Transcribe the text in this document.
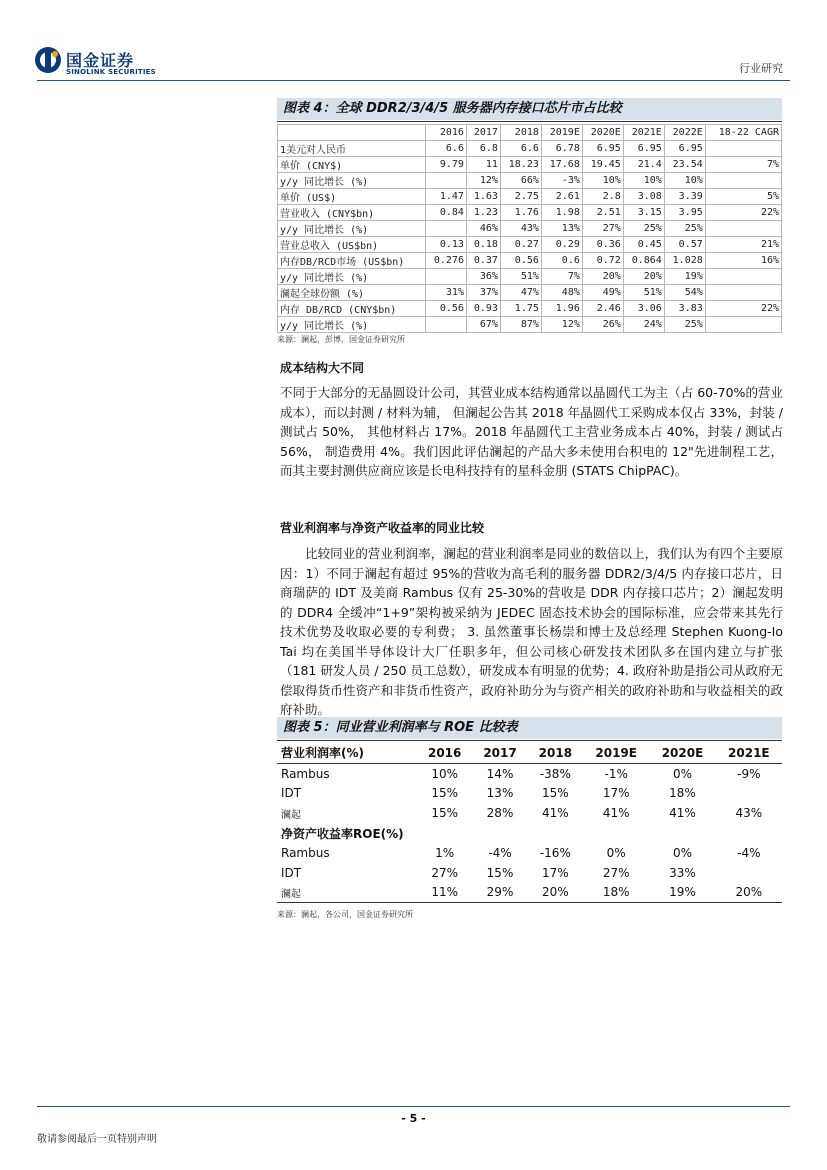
国金证券
SINOLINK SECURITIES	行业研究
图表 4：全球 DDR2/3/4/5 服务器内存接口芯片市占比较
	2016	2017	2018	2019E	2020E	2021E	2022E	18-22 CAGR
1美元对人民币	6.6	6.8	6.6	6.78	6.95	6.95	6.95	
单价 (CNY$)	9.79	11	18.23	17.68	19.45	21.4	23.54	7%
y/y 同比增长 (%)		12%	66%	-3%	10%	10%	10%	
单价 (US$)	1.47	1.63	2.75	2.61	2.8	3.08	3.39	5%
营业收入 (CNY$bn)	0.84	1.23	1.76	1.98	2.51	3.15	3.95	22%
y/y 同比增长 (%)		46%	43%	13%	27%	25%	25%	
营业总收入 (US$bn)	0.13	0.18	0.27	0.29	0.36	0.45	0.57	21%
内存DB/RCD市场 (US$bn)	0.276	0.37	0.56	0.6	0.72	0.864	1.028	16%
y/y 同比增长 (%)		36%	51%	7%	20%	20%	19%	
澜起全球份额 (%)	31%	37%	47%	48%	49%	51%	54%	
内存 DB/RCD (CNY$bn)	0.56	0.93	1.75	1.96	2.46	3.06	3.83	22%
y/y 同比增长 (%)		67%	87%	12%	26%	24%	25%	
来源：澜起，彭博，国金证券研究所
成本结构大不同
不同于大部分的无晶圆设计公司，其营业成本结构通常以晶圆代工为主（占 60-70%的营业成本），而以封测 / 材料为辅， 但澜起公告其 2018 年晶圆代工采购成本仅占 33%，封装 / 测试占 50%， 其他材料占 17%。2018 年晶圆代工主营业务成本占 40%，封装 / 测试占 56%， 制造费用 4%。我们因此评估澜起的产品大多未使用台积电的 12"先进制程工艺，而其主要封测供应商应该是长电科技持有的星科金朋 (STATS ChipPAC)。
营业利润率与净资产收益率的同业比较
比较同业的营业利润率，澜起的营业利润率是同业的数倍以上，我们认为有四个主要原因：1）不同于澜起有超过 95%的营收为高毛利的服务器 DDR2/3/4/5 内存接口芯片，日商瑞萨的 IDT 及美商 Rambus 仅有 25-30%的营收是 DDR 内存接口芯片；2）澜起发明的 DDR4 全缓冲“1+9”架构被采纳为 JEDEC 固态技术协会的国际标准，应会带来其先行技术优势及收取必要的专利费； 3. 虽然董事长杨崇和博士及总经理 Stephen Kuong-Io Tai 均在美国半导体设计大厂任职多年，但公司核心研发技术团队多在国内建立与扩张（181 研发人员 / 250 员工总数），研发成本有明显的优势；4. 政府补助是指公司从政府无偿取得货币性资产和非货币性资产，政府补助分为与资产相关的政府补助和与收益相关的政府补助。
图表 5：同业营业利润率与 ROE 比较表
营业利润率(%)	2016	2017	2018	2019E	2020E	2021E
Rambus	10%	14%	-38%	-1%	0%	-9%
IDT	15%	13%	15%	17%	18%	
澜起	15%	28%	41%	41%	41%	43%
净资产收益率ROE(%)						
Rambus	1%	-4%	-16%	0%	0%	-4%
IDT	27%	15%	17%	27%	33%	
澜起	11%	29%	20%	18%	19%	20%
来源：澜起，各公司，国金证券研究所
- 5 -
敬请参阅最后一页特别声明
